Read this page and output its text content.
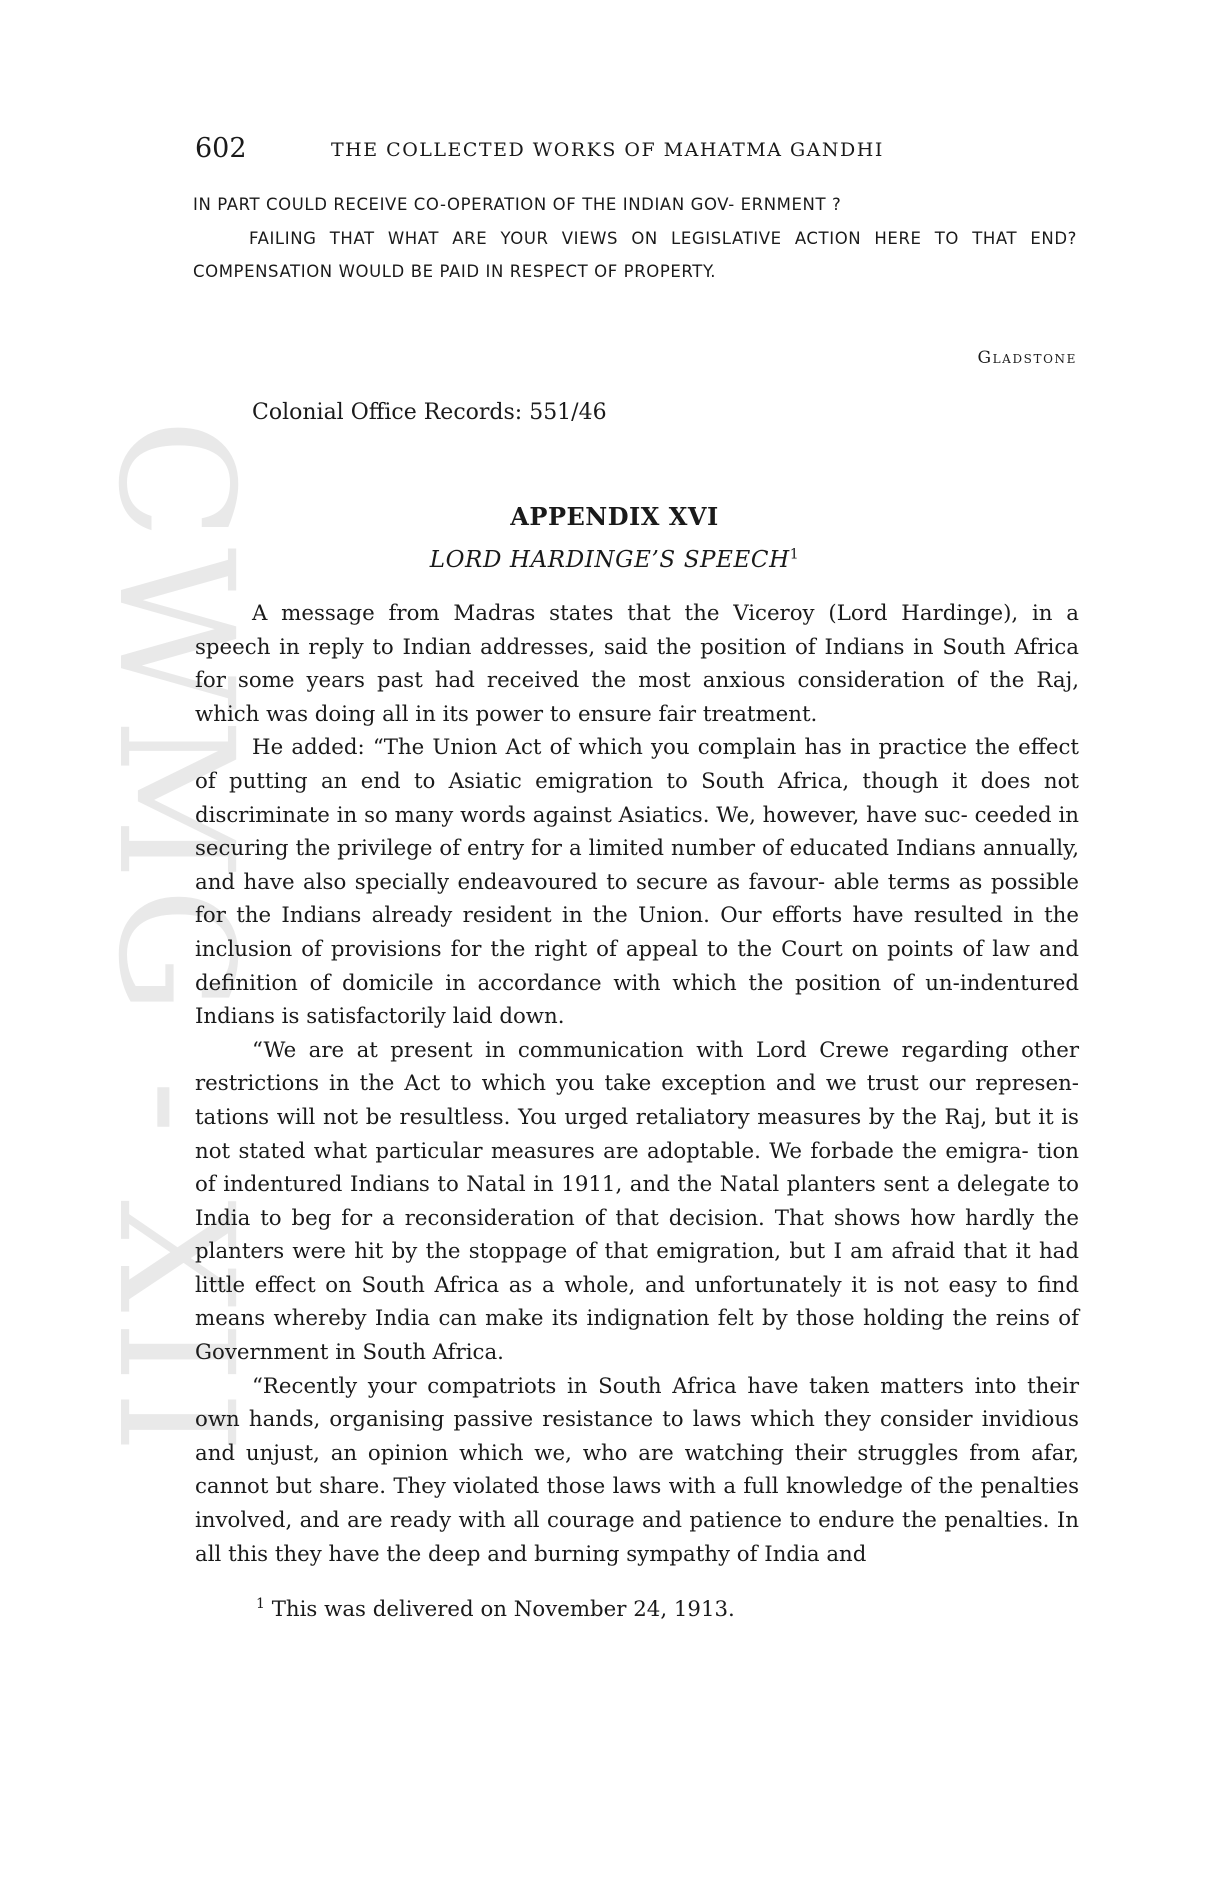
CWMG - XII
602	THE COLLECTED WORKS OF MAHATMA GANDHI

IN PART COULD RECEIVE CO-OPERATION OF THE INDIAN GOV- ERNMENT ?

FAILING THAT WHAT ARE YOUR VIEWS ON LEGISLATIVE ACTION HERE TO THAT END? COMPENSATION WOULD BE PAID IN RESPECT OF PROPERTY.

Gladstone
Colonial Office Records: 551/46
APPENDIX XVI
LORD HARDINGE’S SPEECH$^1$

A message from Madras states that the Viceroy (Lord Hardinge), in a speech in reply to Indian addresses, said the position of Indians in South Africa for some years past had received the most anxious consideration of the Raj, which was doing all in its power to ensure fair treatment.

He added: “The Union Act of which you complain has in practice the effect of putting an end to Asiatic emigration to South Africa, though it does not discriminate in so many words against Asiatics. We, however, have suc- ceeded in securing the privilege of entry for a limited number of educated Indians annually, and have also specially endeavoured to secure as favour- able terms as possible for the Indians already resident in the Union. Our efforts have resulted in the inclusion of provisions for the right of appeal to the Court on points of law and definition of domicile in accordance with which the position of un-indentured Indians is satisfactorily laid down.

“We are at present in communication with Lord Crewe regarding other restrictions in the Act to which you take exception and we trust our represen- tations will not be resultless. You urged retaliatory measures by the Raj, but it is not stated what particular measures are adoptable. We forbade the emigra- tion of indentured Indians to Natal in 1911, and the Natal planters sent a delegate to India to beg for a reconsideration of that decision. That shows how hardly the planters were hit by the stoppage of that emigration, but I am afraid that it had little effect on South Africa as a whole, and unfortunately it is not easy to find means whereby India can make its indignation felt by those holding the reins of Government in South Africa.

“Recently your compatriots in South Africa have taken matters into their own hands, organising passive resistance to laws which they consider invidious and unjust, an opinion which we, who are watching their struggles from afar, cannot but share. They violated those laws with a full knowledge of the penalties involved, and are ready with all courage and patience to endure the penalties. In all this they have the deep and burning sympathy of India and

$^1$ This was delivered on November 24, 1913.
